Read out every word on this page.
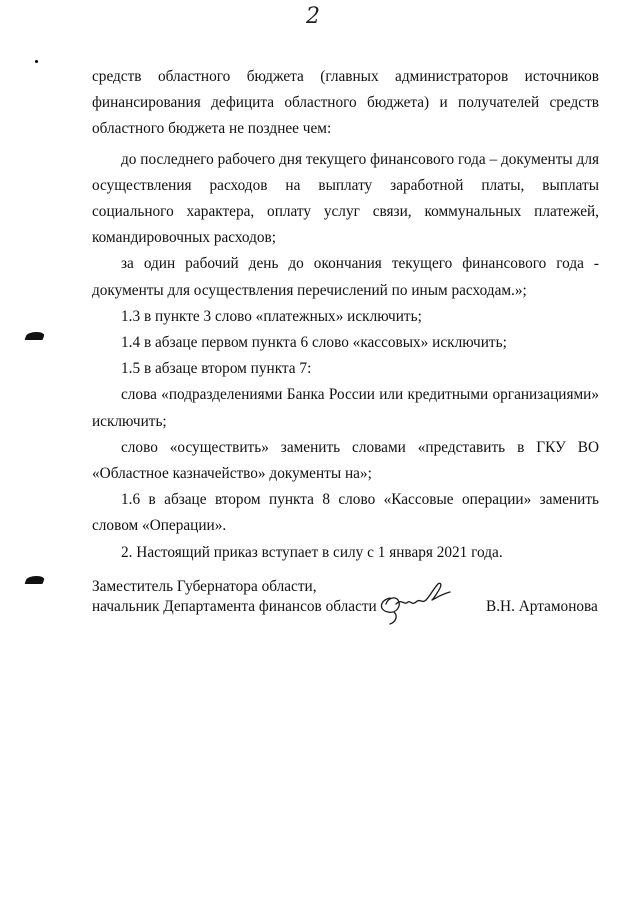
2

средств областного бюджета (главных администраторов источников финансирования дефицита областного бюджета) и получателей средств областного бюджета не позднее чем:

до последнего рабочего дня текущего финансового года – документы для осуществления расходов на выплату заработной платы, выплаты социального характера, оплату услуг связи, коммунальных платежей, командировочных расходов;

за один рабочий день до окончания текущего финансового года - документы для осуществления перечислений по иным расходам.»;

1.3 в пункте 3 слово «платежных» исключить;

1.4 в абзаце первом пункта 6 слово «кассовых» исключить;

1.5 в абзаце втором пункта 7:

слова «подразделениями Банка России или кредитными организациями» исключить;

слово «осуществить» заменить словами «представить в ГКУ ВО «Областное казначейство» документы на»;

1.6 в абзаце втором пункта 8 слово «Кассовые операции» заменить словом «Операции».

2. Настоящий приказ вступает в силу с 1 января 2021 года.

Заместитель Губернатора области,
начальник Департамента финансов области	В.Н. Артамонова
